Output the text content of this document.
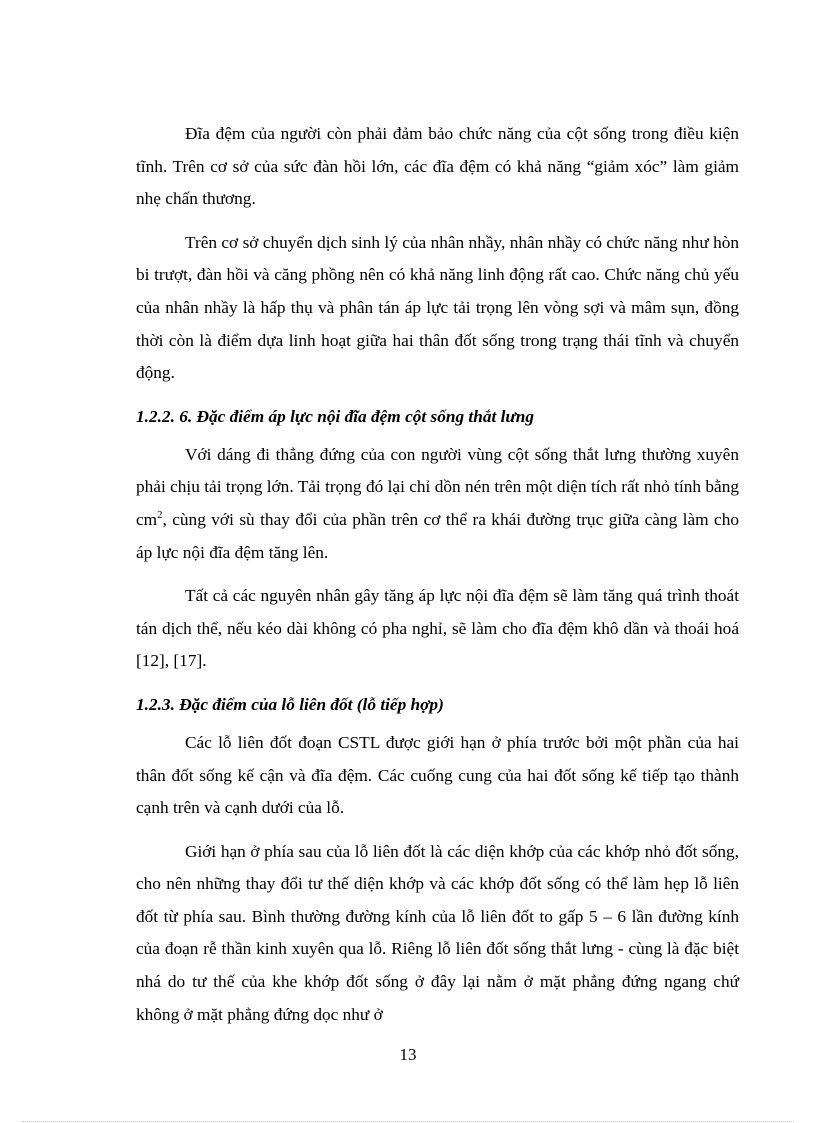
Đĩa đệm của người còn phải đảm bảo chức năng của cột sống trong điều kiện tĩnh. Trên cơ sở của sức đàn hồi lớn, các đĩa đệm có khả năng “giảm xóc” làm giảm nhẹ chấn thương.

Trên cơ sở chuyển dịch sinh lý của nhân nhầy, nhân nhầy có chức năng như hòn bi trượt, đàn hồi và căng phồng nên có khả năng linh động rất cao. Chức năng chủ yếu của nhân nhầy là hấp thụ và phân tán áp lực tải trọng lên vòng sợi và mâm sụn, đồng thời còn là điểm dựa linh hoạt giữa hai thân đốt sống trong trạng thái tĩnh và chuyển động.

1.2.2. 6. Đặc điểm áp lực nội đĩa đệm cột sống thắt lưng

Với dáng đi thẳng đứng của con người vùng cột sống thắt lưng thường xuyên phải chịu tải trọng lớn. Tải trọng đó lại chỉ dồn nén trên một diện tích rất nhỏ tính bằng $cm^2$, cùng với sù thay đổi của phần trên cơ thể ra khái đường trục giữa càng làm cho áp lực nội đĩa đệm tăng lên.

Tất cả các nguyên nhân gây tăng áp lực nội đĩa đệm sẽ làm tăng quá trình thoát tán dịch thể, nếu kéo dài không có pha nghỉ, sẽ làm cho đĩa đệm khô dần và thoái hoá [12], [17].

1.2.3. Đặc điểm của lỗ liên đốt (lỗ tiếp hợp)

Các lỗ liên đốt đoạn CSTL được giới hạn ở phía trước bởi một phần của hai thân đốt sống kế cận và đĩa đệm. Các cuống cung của hai đốt sống kế tiếp tạo thành cạnh trên và cạnh dưới của lỗ.

Giới hạn ở phía sau của lỗ liên đốt là các diện khớp của các khớp nhỏ đốt sống, cho nên những thay đổi tư thế diện khớp và các khớp đốt sống có thể làm hẹp lỗ liên đốt từ phía sau. Bình thường đường kính của lỗ liên đốt to gấp 5 – 6 lần đường kính của đoạn rễ thần kinh xuyên qua lỗ. Riêng lỗ liên đốt sống thắt lưng - cùng là đặc biệt nhá do tư thế của khe khớp đốt sống ở đây lại nằm ở mặt phẳng đứng ngang chứ không ở mặt phẳng đứng dọc như ở

13
